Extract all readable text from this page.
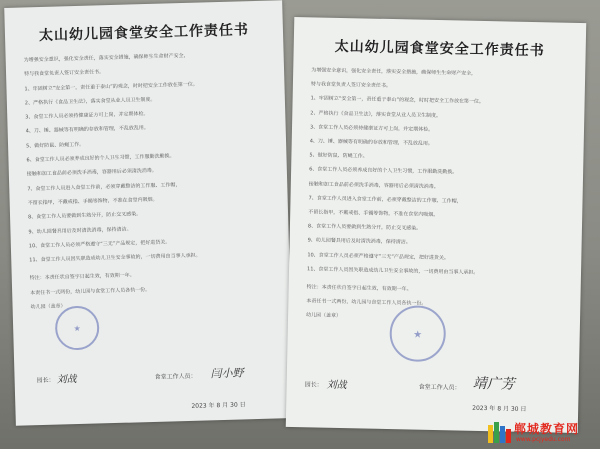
太山幼儿园食堂安全工作责任书
为增强安全意识，强化安全责任，落实安全措施，确保师生生命财产安全，
特与我食堂负责人签订安全责任书。
1、牢固树立“安全第一，责任重于泰山”的观念，时时把安全工作放在第一位。
2、严格执行《食品卫生法》，落实食堂从业人员卫生制度。
3、食堂工作人员必须持健康证方可上岗，并定期体检。
4、刀、锤、器械等有明确的存放和管理，不乱放乱用。
5、做好防鼠、防蝇工作。
6、食堂工作人员必须养成良好的个人卫生习惯，工作服勤洗勤换。
接触和加工食品前必须洗手消毒，容器用后必须清洗消毒。
7、食堂工作人员进入食堂工作前，必须穿戴整洁的工作服、工作帽，
不留长指甲，不戴戒指、手镯等饰物，不准在食堂内吸烟。
8、食堂工作人员要做到生熟分开，防止交叉感染。
9、幼儿园餐具用后及时清洗消毒，保持清洁。
10、食堂工作人员必须严格遵守“三无”产品规定，把好进货关。
11、食堂工作人员因失职造成幼儿卫生安全事故的，一切费用由当事人承担。
特注：本责任状自签字日起生效，有效期一年。
本责任书一式两份，幼儿园与食堂工作人员各执一份。
幼儿园（盖章）
★
园长： 刘战	食堂工作人员： 闫小野
2023 年 8 月 30 日
太山幼儿园食堂安全工作责任书
为增强安全意识，强化安全责任，落实安全措施，确保师生生命财产安全，
特与我食堂负责人签订安全责任书。
1、牢固树立“安全第一，责任重于泰山”的观念，时时把安全工作放在第一位。
2、严格执行《食品卫生法》，落实食堂从业人员卫生制度。
3、食堂工作人员必须持健康证方可上岗，并定期体检。
4、刀、锤、器械等有明确的存放和管理，不乱放乱用。
5、做好防鼠、防蝇工作。
6、食堂工作人员必须养成良好的个人卫生习惯，工作服勤洗勤换。
接触和加工食品前必须洗手消毒，容器用后必须清洗消毒。
7、食堂工作人员进入食堂工作前，必须穿戴整洁的工作服、工作帽，
不留长指甲，不戴戒指、手镯等饰物，不准在食堂内吸烟。
8、食堂工作人员要做到生熟分开，防止交叉感染。
9、幼儿园餐具用后及时清洗消毒，保持清洁。
10、食堂工作人员必须严格遵守“三无”产品规定，把好进货关。
11、食堂工作人员因失职造成幼儿卫生安全事故的，一切费用由当事人承担。
特注：本责任状自签字日起生效，有效期一年。
本责任书一式两份，幼儿园与食堂工作人员各执一份。
幼儿园（盖章）
★
园长： 刘战	食堂工作人员： 靖广芳
2023 年 8 月 30 日
郸城教育网
www.pcjyedu.com
